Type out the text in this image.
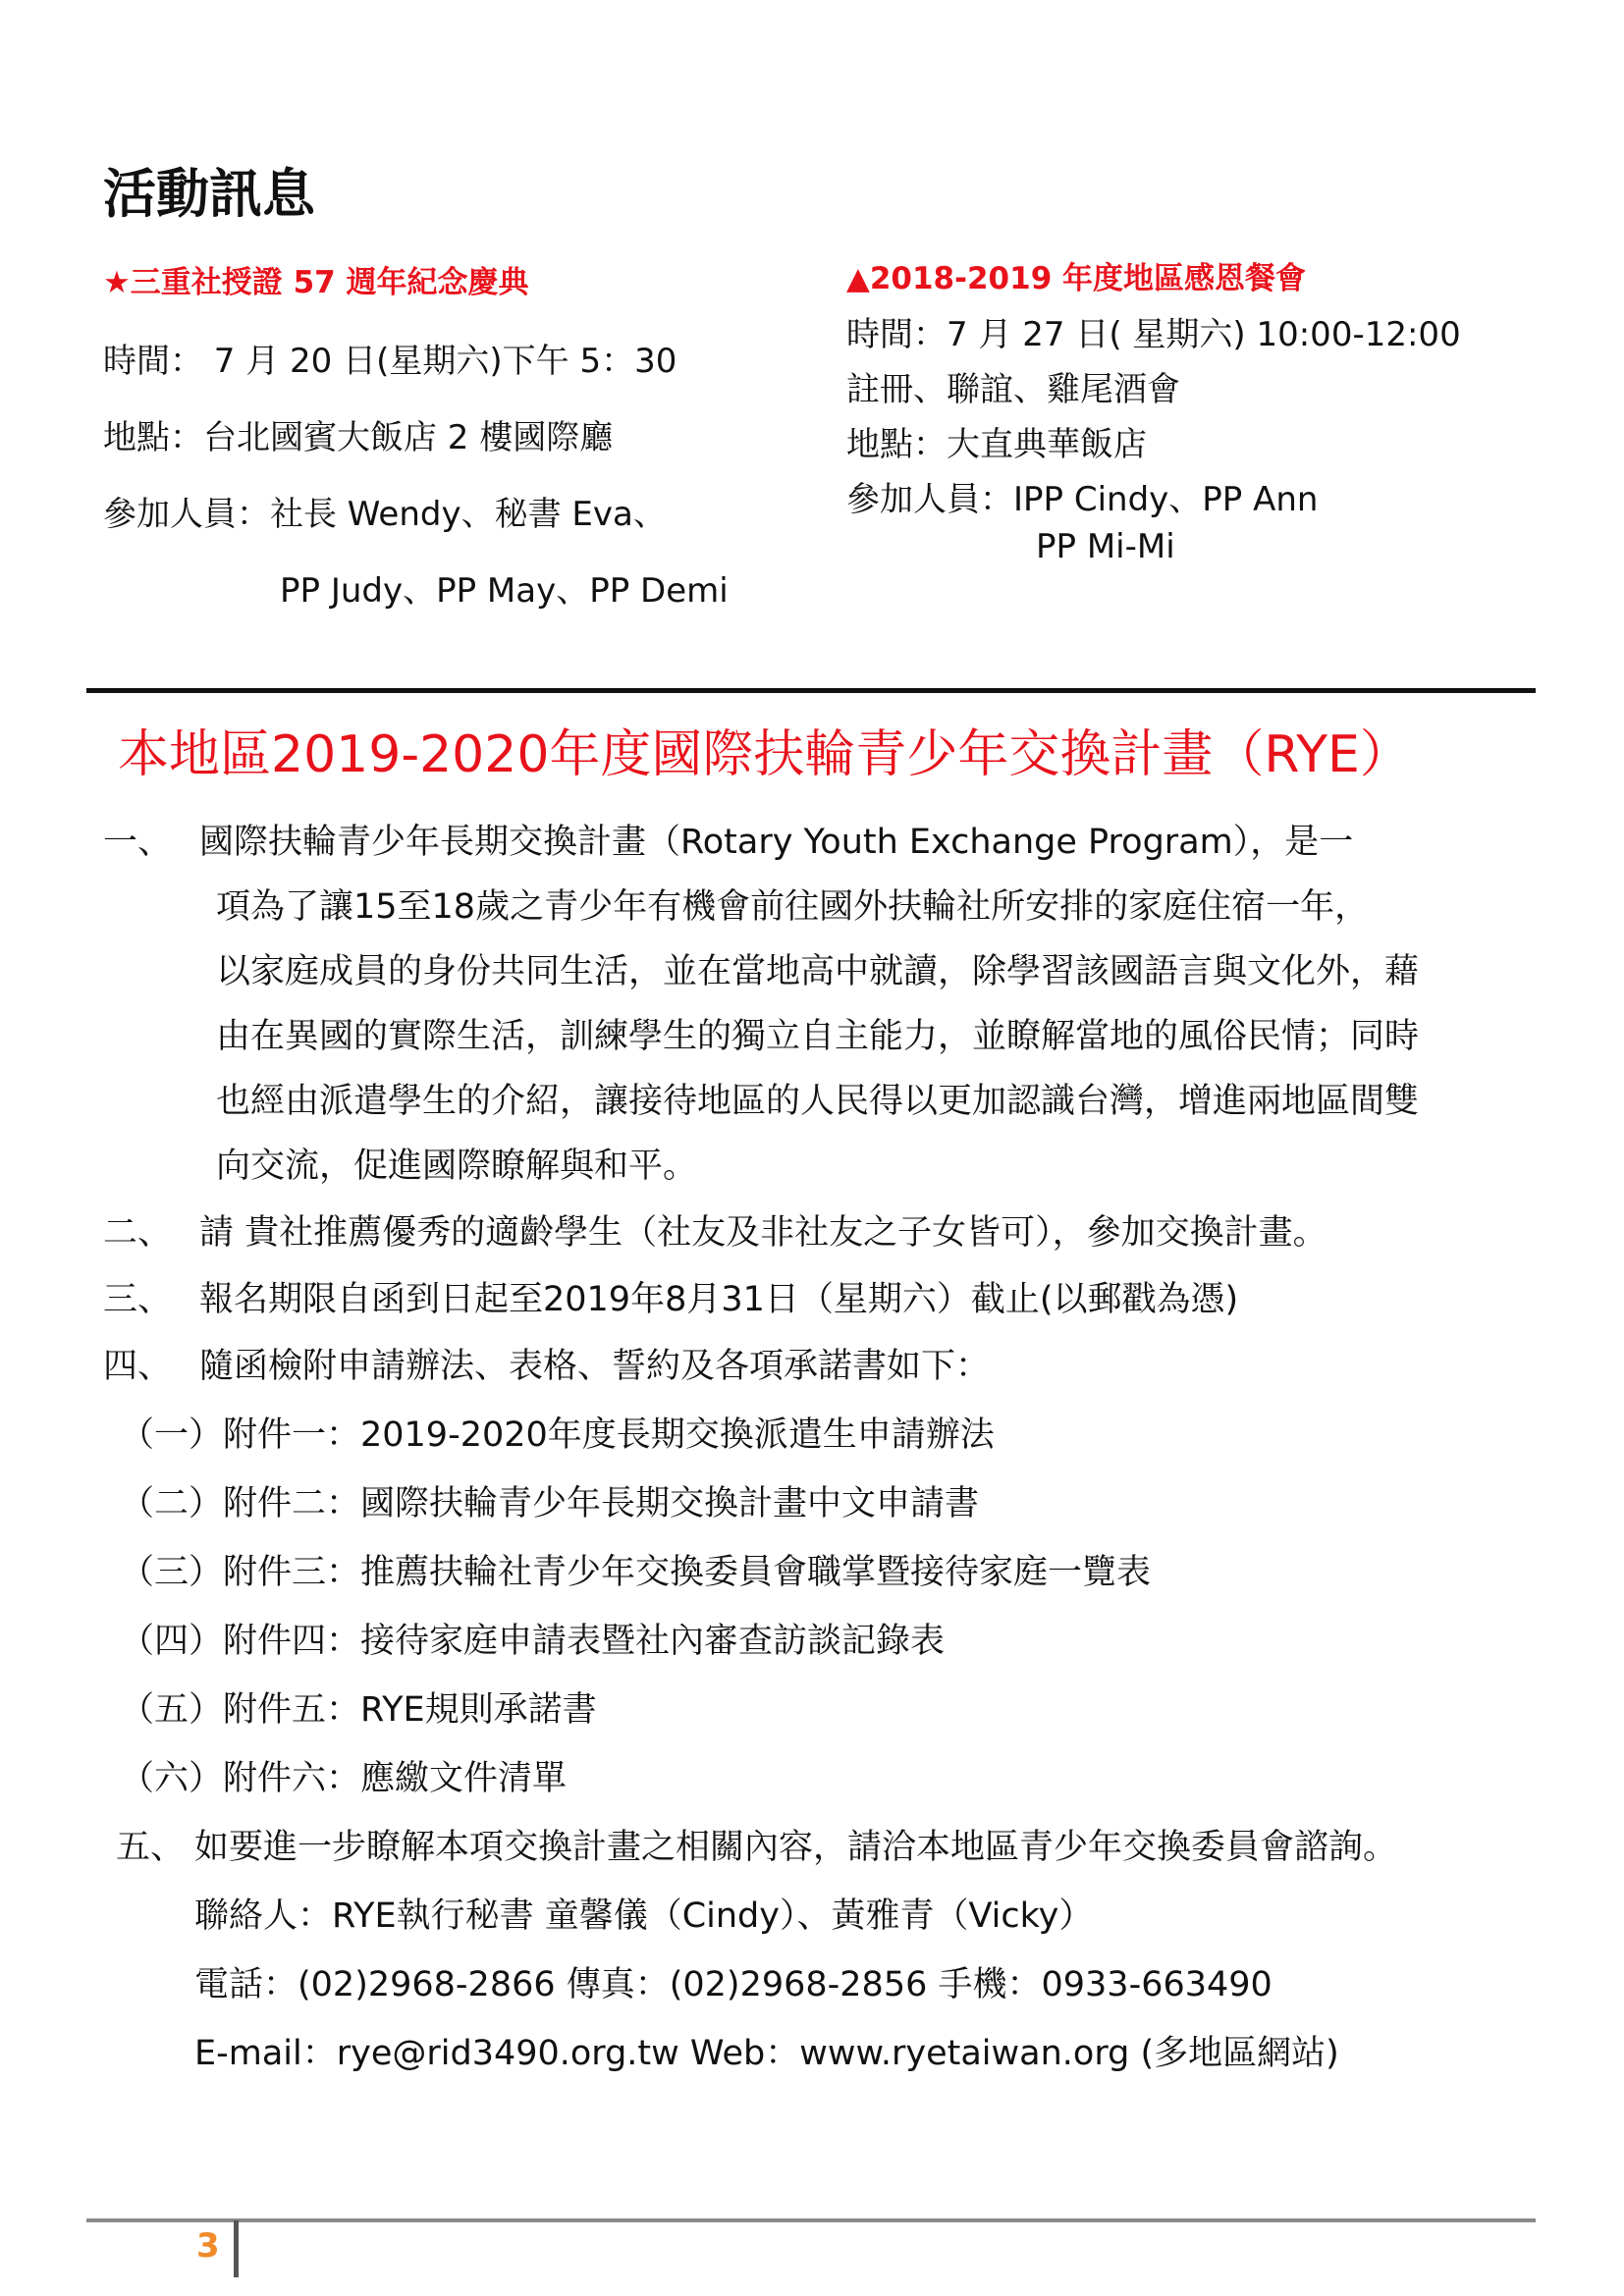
活動訊息
★三重社授證 57 週年紀念慶典
時間： 7 月 20 日(星期六)下午 5：30
地點：台北國賓大飯店 2 樓國際廳
參加人員：社長 Wendy、秘書 Eva、
PP Judy、PP May、PP Demi
▲2018-2019 年度地區感恩餐會
時間：7 月 27 日( 星期六) 10:00-12:00
註冊、聯誼、雞尾酒會
地點：大直典華飯店
參加人員：IPP Cindy、PP Ann
PP Mi-Mi
本地區2019-2020年度國際扶輪青少年交換計畫（RYE）
一、 國際扶輪青少年長期交換計畫（Rotary Youth Exchange Program），是一
項為了讓15至18歲之青少年有機會前往國外扶輪社所安排的家庭住宿一年，
以家庭成員的身份共同生活，並在當地高中就讀，除學習該國語言與文化外，藉
由在異國的實際生活，訓練學生的獨立自主能力，並瞭解當地的風俗民情；同時
也經由派遣學生的介紹，讓接待地區的人民得以更加認識台灣，增進兩地區間雙
向交流，促進國際瞭解與和平。
二、 請 貴社推薦優秀的適齡學生（社友及非社友之子女皆可），參加交換計畫。
三、 報名期限自函到日起至2019年8月31日（星期六）截止(以郵戳為憑)
四、 隨函檢附申請辦法、表格、誓約及各項承諾書如下：
（一）附件一：2019-2020年度長期交換派遣生申請辦法
（二）附件二：國際扶輪青少年長期交換計畫中文申請書
（三）附件三：推薦扶輪社青少年交換委員會職掌暨接待家庭一覽表
（四）附件四：接待家庭申請表暨社內審查訪談記錄表
（五）附件五：RYE規則承諾書
（六）附件六：應繳文件清單
五、 如要進一步瞭解本項交換計畫之相關內容，請洽本地區青少年交換委員會諮詢。
聯絡人：RYE執行秘書 童馨儀（Cindy）、黃雅青（Vicky）
電話：(02)2968-2866 傳真：(02)2968-2856 手機：0933-663490
E-mail：rye@rid3490.org.tw Web：www.ryetaiwan.org (多地區網站)
3
